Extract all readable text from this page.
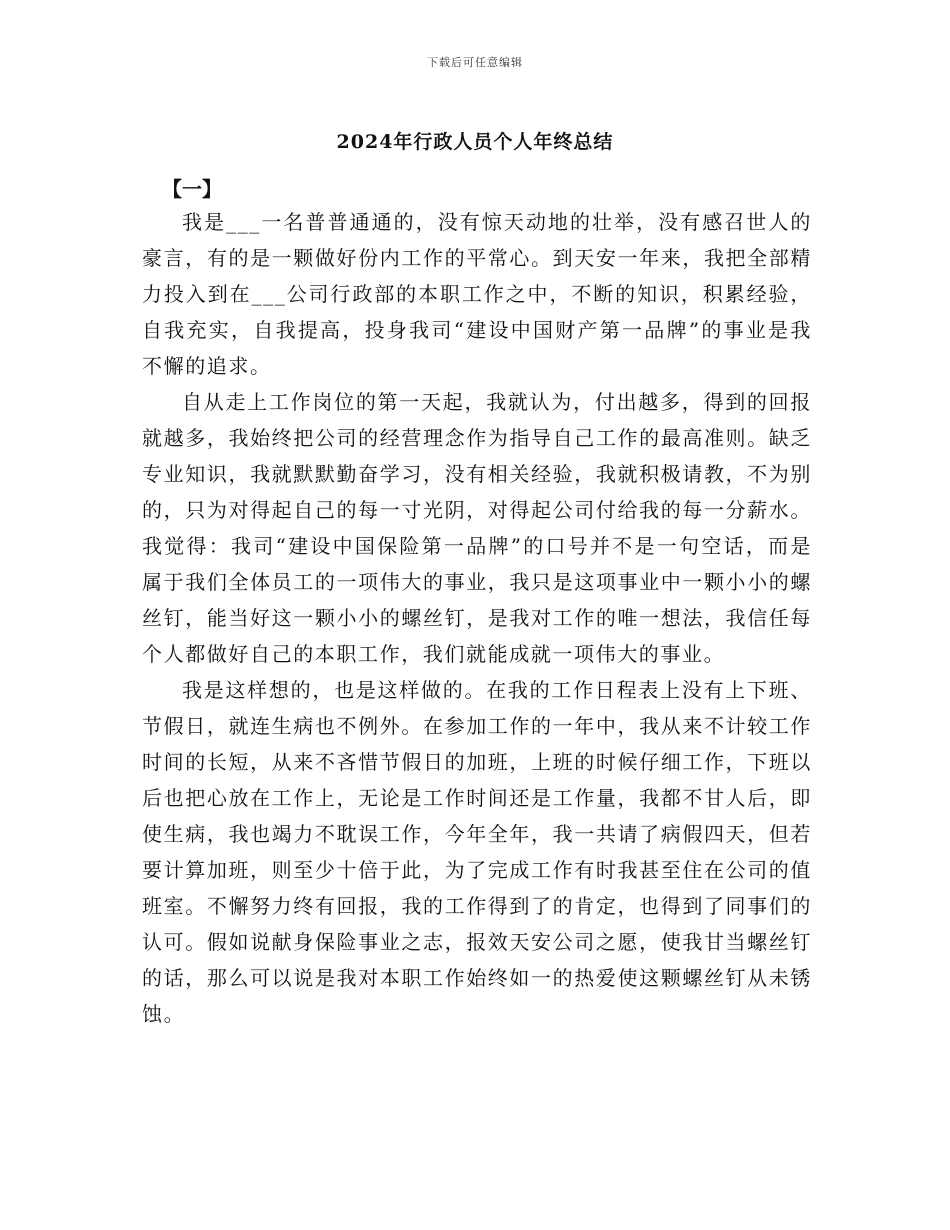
下载后可任意编辑
2024年行政人员个人年终总结
【一】

我是___一名普普通通的，没有惊天动地的壮举，没有感召世人的豪言，有的是一颗做好份内工作的平常心。到天安一年来，我把全部精力投入到在___公司行政部的本职工作之中，不断的知识，积累经验，自我充实，自我提高，投身我司“建设中国财产第一品牌”的事业是我不懈的追求。

自从走上工作岗位的第一天起，我就认为，付出越多，得到的回报就越多，我始终把公司的经营理念作为指导自己工作的最高准则。缺乏专业知识，我就默默勤奋学习，没有相关经验，我就积极请教，不为别的，只为对得起自己的每一寸光阴，对得起公司付给我的每一分薪水。我觉得：我司“建设中国保险第一品牌”的口号并不是一句空话，而是属于我们全体员工的一项伟大的事业，我只是这项事业中一颗小小的螺丝钉，能当好这一颗小小的螺丝钉，是我对工作的唯一想法，我信任每个人都做好自己的本职工作，我们就能成就一项伟大的事业。

我是这样想的，也是这样做的。在我的工作日程表上没有上下班、节假日，就连生病也不例外。在参加工作的一年中，我从来不计较工作时间的长短，从来不吝惜节假日的加班，上班的时候仔细工作，下班以后也把心放在工作上，无论是工作时间还是工作量，我都不甘人后，即使生病，我也竭力不耽误工作，今年全年，我一共请了病假四天，但若要计算加班，则至少十倍于此，为了完成工作有时我甚至住在公司的值班室。不懈努力终有回报，我的工作得到了的肯定，也得到了同事们的认可。假如说献身保险事业之志，报效天安公司之愿，使我甘当螺丝钉的话，那么可以说是我对本职工作始终如一的热爱使这颗螺丝钉从未锈蚀。
